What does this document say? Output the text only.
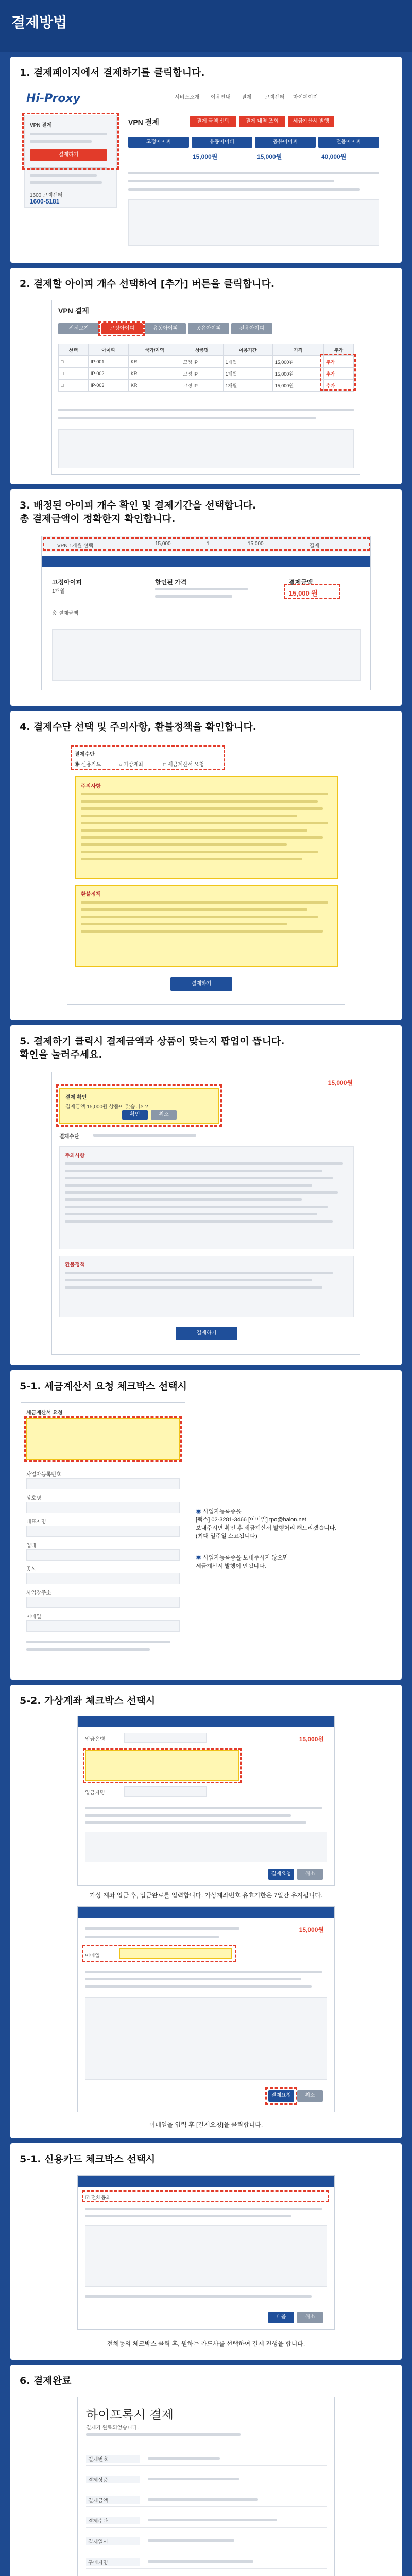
결제방법
1. 결제페이지에서 결제하기를 클릭합니다.
Hi-Proxy	서비스소개 이용안내 결제	고객센터 마이페이지
VPN 결제
결제하기
1600 고객센터
1600-5181
VPN 결제	결제 금액 선택	결제 내역 조회	세금계산서 발행
고정아이피	유동아이피	공유아이피	전용아이피
15,000원	15,000원	40,000원
2. 결제할 아이피 개수 선택하여 [추가] 버튼을 클릭합니다.
VPN 결제
전체보기	고정아이피	유동아이피	공유아이피	전용아이피
선택	아이피	국가/지역	상품명	이용기간	가격	추가
□	IP-001	KR	고정 IP	1개월	15,000원	추가
□	IP-002	KR	고정 IP	1개월	15,000원	추가
□	IP-003	KR	고정 IP	1개월	15,000원	추가
3. 배정된 아이피 개수 확인 및 결제기간을 선택합니다.
총 결제금액이 정확한지 확인합니다.
VPN 1개월 선택	15,000	1	15,000	결제
고정아이피
1개월
할인된 가격
총 결제금액
결제금액
15,000 원
4. 결제수단 선택 및 주의사항, 환불정책을 확인합니다.
결제수단
◉ 신용카드	○ 가상계좌	□ 세금계산서 요청
주의사항
환불정책
결제하기
5. 결제하기 클릭시 결제금액과 상품이 맞는지 팝업이 뜹니다.
확인을 눌러주세요.
15,000원
결제 확인
결제금액 15,000원 상품이 맞습니까?
확인	취소
결제수단
주의사항
환불정책
결제하기
5-1. 세금계산서 요청 체크박스 선택시
세금계산서 요청
사업자등록번호
상호명
대표자명
업태
종목
사업장주소
이메일

◉ 사업자등록증을
[팩스] 02-3281-3466 [이메일] tpo@haion.net
보내주시면 확인 후 세금계산서 발행처리 해드리겠습니다.
(최대 일주일 소요됩니다)

◉ 사업자등록증을 보내주시지 않으면
세금계산서 발행이 안됩니다.

5-2. 가상계좌 체크박스 선택시
입금은행	15,000원
입금자명
결제요청	취소
가상 계좌 입금 후, 입금완료를 입력합니다. 가상계좌번호 유효기한은 7일간 유지됩니다.
15,000원
이메일
결제요청	취소
이메일을 입력 후 [결제요청]을 클릭합니다.
5-1. 신용카드 체크박스 선택시
☑ 전체동의
다음	취소
전체동의 체크박스 클릭 후, 원하는 카드사를 선택하여 결제 진행을 합니다.
6. 결제완료
하이프록시 결제
결제가 완료되었습니다.
결제번호
결제상품
결제금액
결제수단
결제일시
구매자명
